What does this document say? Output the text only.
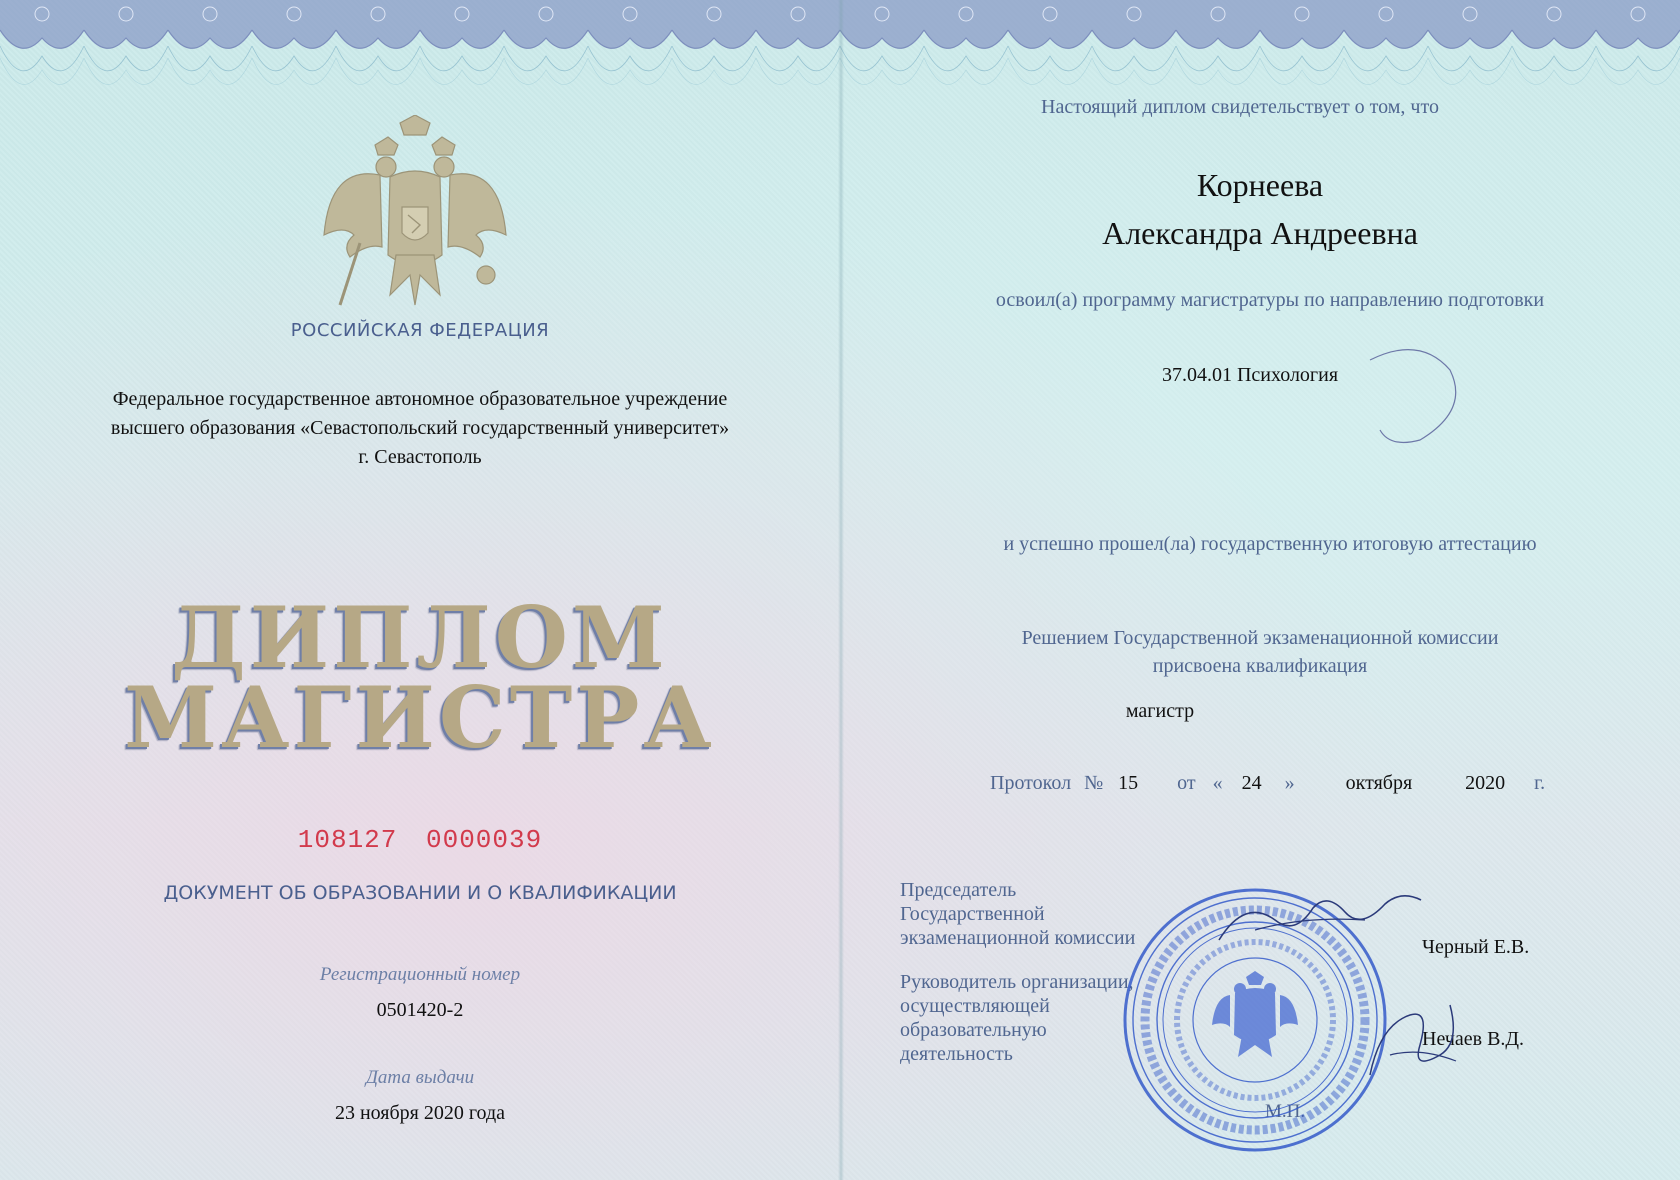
РОССИЙСКАЯ ФЕДЕРАЦИЯ
Федеральное государственное автономное образовательное учреждение
высшего образования «Севастопольский государственный университет»
г. Севастополь
ДИПЛОМ
МАГИСТРА
108127 0000039
ДОКУМЕНТ ОБ ОБРАЗОВАНИИ И О КВАЛИФИКАЦИИ
Регистрационный номер
0501420-2
Дата выдачи
23 ноября 2020 года
Настоящий диплом свидетельствует о том, что
Корнеева
Александра Андреевна
освоил(а) программу магистратуры по направлению подготовки
37.04.01 Психология
и успешно прошел(ла) государственную итоговую аттестацию
Решением Государственной экзаменационной комиссии
присвоена квалификация
магистр
Протокол № 15 от « 24 »	октября	2020 г.
Председатель
Государственной
экзаменационной комиссии	Черный Е.В.
Руководитель организации,
осуществляющей образовательную
деятельность
Нечаев В.Д.
М.П.
